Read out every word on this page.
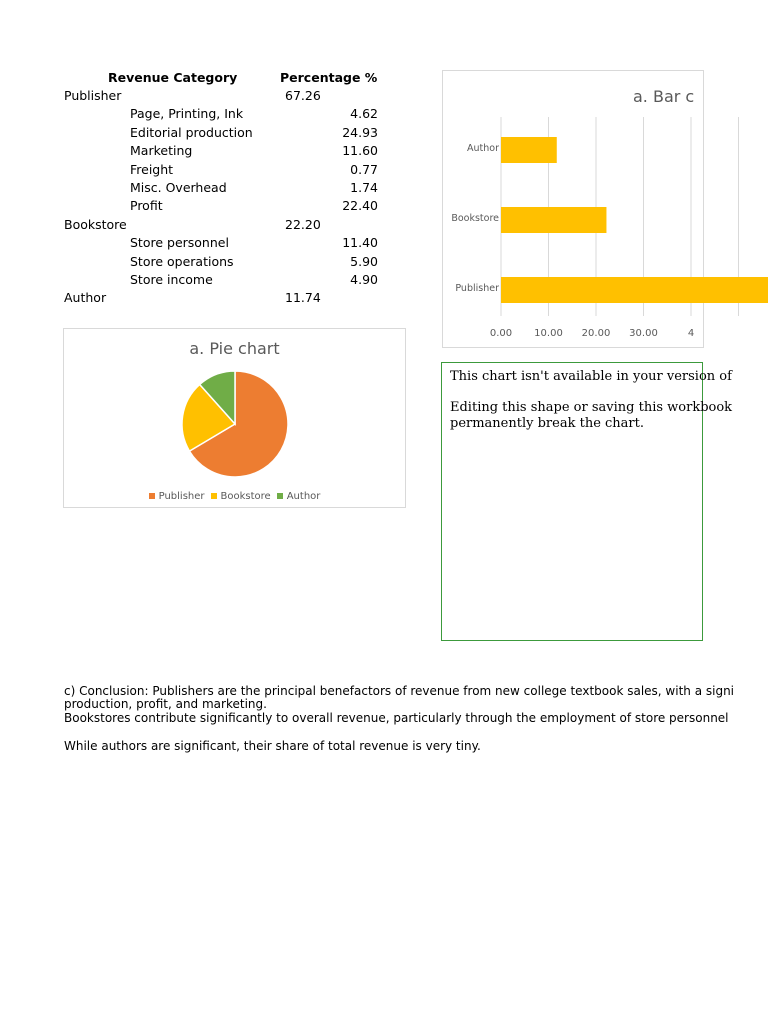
Revenue Category	Percentage %
Publisher	67.26
Page, Printing, Ink	4.62
Editorial production	24.93
Marketing	11.60
Freight	0.77
Misc. Overhead	1.74
Profit	22.40
Bookstore	22.20
Store personnel	11.40
Store operations	5.90
Store income	4.90
Author	11.74
a. Pie chart
Publisher Bookstore Author
a. Bar c
Author
Bookstore
Publisher
0.00	10.00	20.00	30.00	4
This chart isn't available in your version of
Editing this shape or saving this workbook
permanently break the chart.
c) Conclusion: Publishers are the principal benefactors of revenue from new college textbook sales, with a signi
production, profit, and marketing.
Bookstores contribute significantly to overall revenue, particularly through the employment of store personnel
While authors are significant, their share of total revenue is very tiny.
